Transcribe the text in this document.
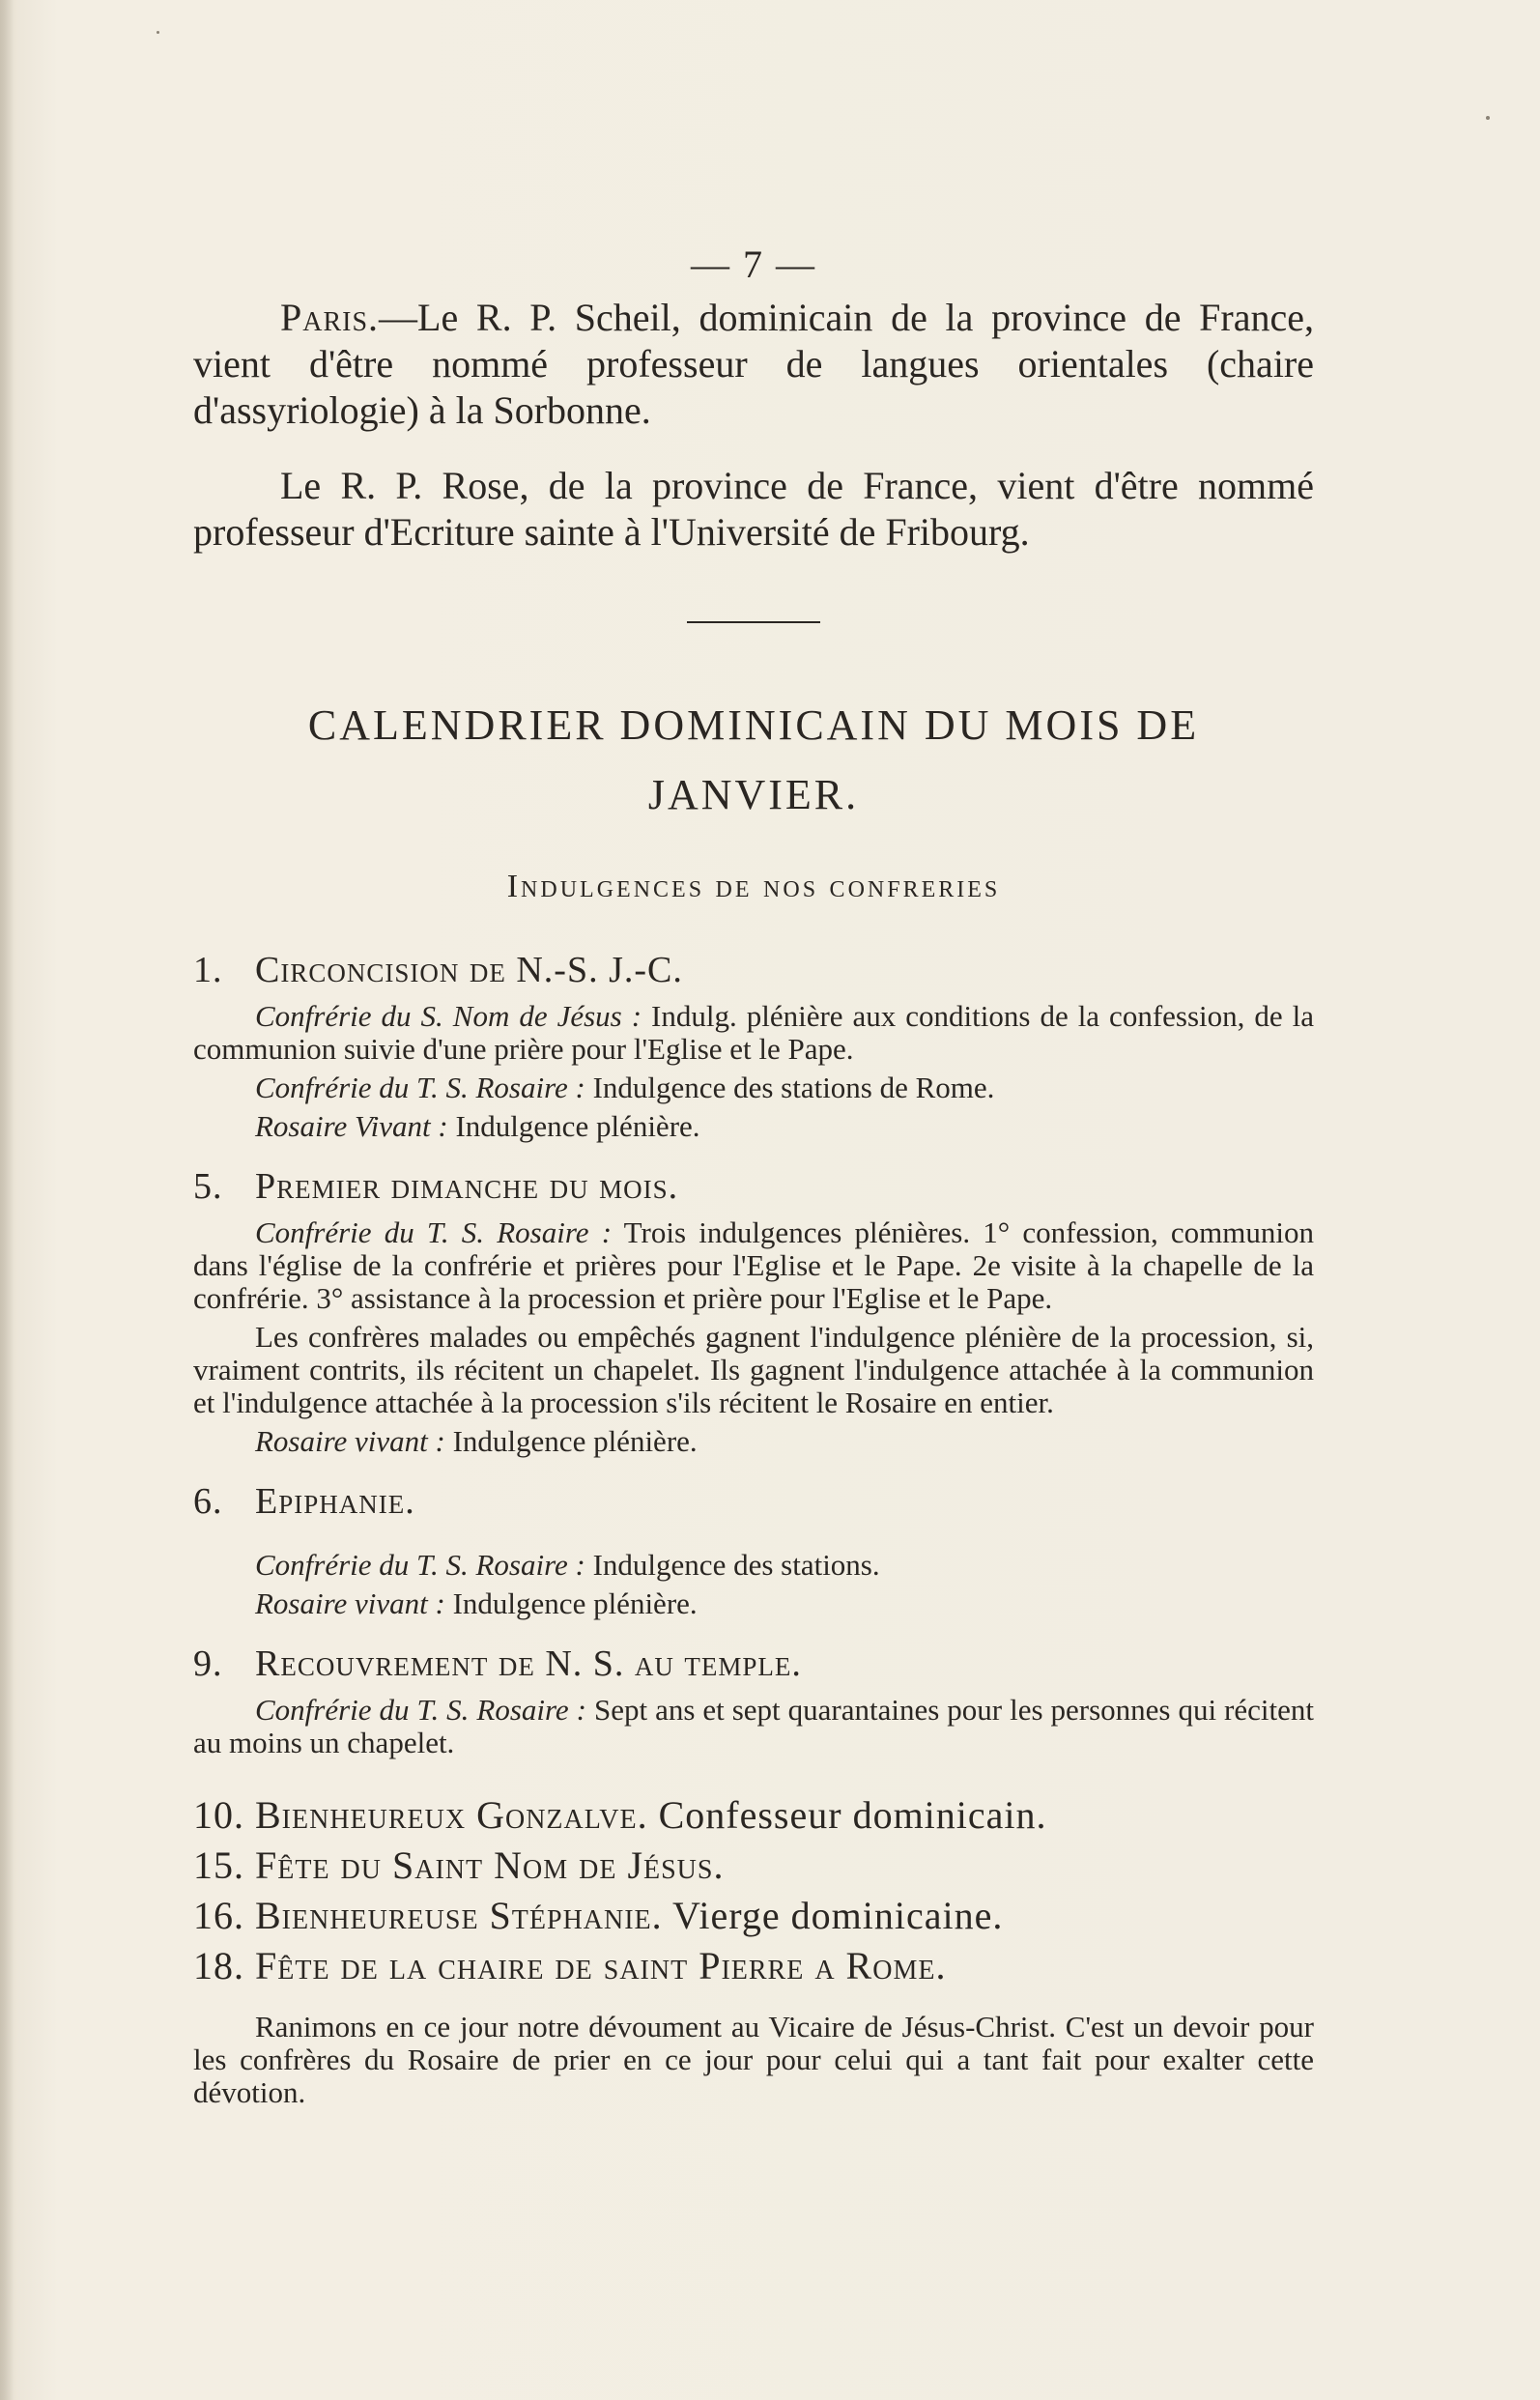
— 7 —

Paris.—Le R. P. Scheil, dominicain de la province de France, vient d'être nommé professeur de langues orientales (chaire d'assyriologie) à la Sorbonne.

Le R. P. Rose, de la province de France, vient d'être nommé professeur d'Ecriture sainte à l'Université de Fribourg.

CALENDRIER DOMINICAIN DU MOIS DE
JANVIER.
Indulgences de nos confreries
1. Circoncision de N.-S. J.-C.

Confrérie du S. Nom de Jésus : Indulg. plénière aux conditions de la confession, de la communion suivie d'une prière pour l'Eglise et le Pape.

Confrérie du T. S. Rosaire : Indulgence des stations de Rome.

Rosaire Vivant : Indulgence plénière.

5. Premier dimanche du mois.

Confrérie du T. S. Rosaire : Trois indulgences plénières. 1° confession, communion dans l'église de la confrérie et prières pour l'Eglise et le Pape. 2e visite à la chapelle de la confrérie. 3° assistance à la procession et prière pour l'Eglise et le Pape.

Les confrères malades ou empêchés gagnent l'indulgence plénière de la procession, si, vraiment contrits, ils récitent un chapelet. Ils gagnent l'indulgence attachée à la communion et l'indulgence attachée à la procession s'ils récitent le Rosaire en entier.

Rosaire vivant : Indulgence plénière.

6. Epiphanie.

Confrérie du T. S. Rosaire : Indulgence des stations.

Rosaire vivant : Indulgence plénière.

9. Recouvrement de N. S. au temple.

Confrérie du T. S. Rosaire : Sept ans et sept quarantaines pour les personnes qui récitent au moins un chapelet.

10. Bienheureux Gonzalve. Confesseur dominicain.
15. Fête du Saint Nom de Jésus.
16. Bienheureuse Stéphanie. Vierge dominicaine.
18. Fête de la chaire de saint Pierre a Rome.

Ranimons en ce jour notre dévoument au Vicaire de Jésus-Christ. C'est un devoir pour les confrères du Rosaire de prier en ce jour pour celui qui a tant fait pour exalter cette dévotion.
